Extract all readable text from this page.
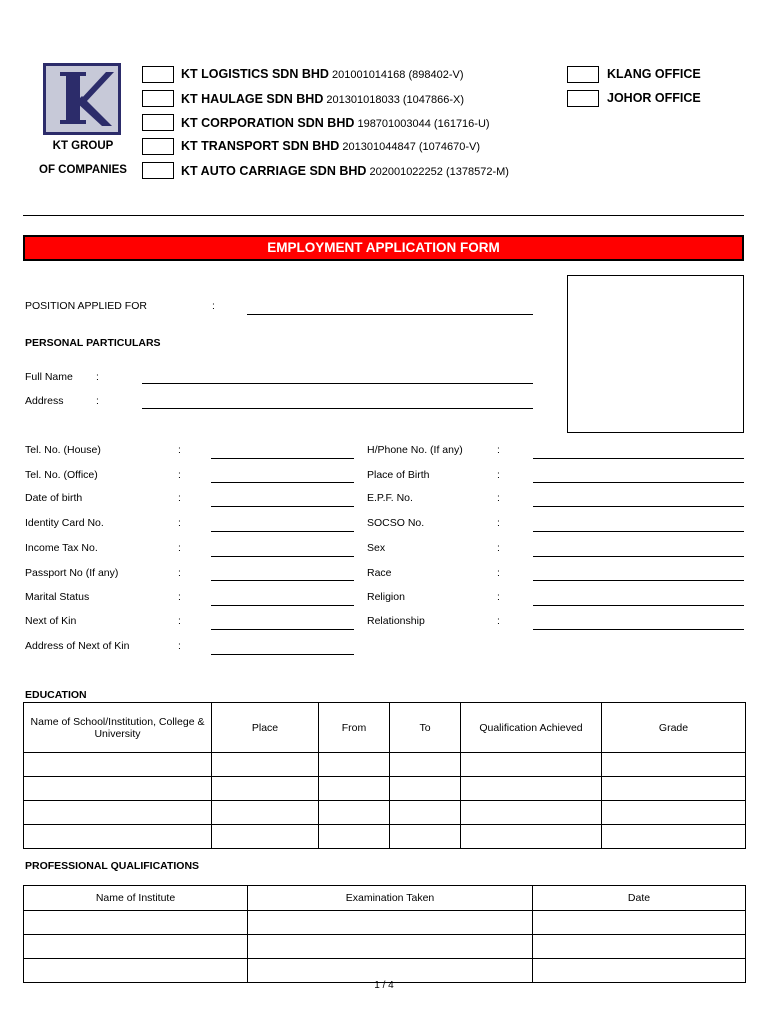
KT GROUP
OF COMPANIES
KT LOGISTICS SDN BHD 201001014168 (898402-V)
KT HAULAGE SDN BHD 201301018033 (1047866-X)
KT CORPORATION SDN BHD 198701003044 (161716-U)
KT TRANSPORT SDN BHD 201301044847 (1074670-V)
KT AUTO CARRIAGE SDN BHD 202001022252 (1378572-M)
KLANG OFFICE
JOHOR OFFICE
EMPLOYMENT APPLICATION FORM
POSITION APPLIED FOR	:
PERSONAL PARTICULARS
Full Name :
Address	:
Tel. No. (House)	:
Tel. No. (Office)	:
Date of birth	:
Identity Card No.	:
Income Tax No.	:
Passport No (If any)	:
Marital Status	:
Next of Kin	:
Address of Next of Kin	:
H/Phone No. (If any)	:
Place of Birth	:
E.P.F. No.	:
SOCSO No.	:
Sex	:
Race	:
Religion	:
Relationship	:
EDUCATION
Name of School/Institution, College & University	Place	From	To	Qualification Achieved	Grade

PROFESSIONAL QUALIFICATIONS
Name of Institute	Examination Taken	Date

1 / 4
